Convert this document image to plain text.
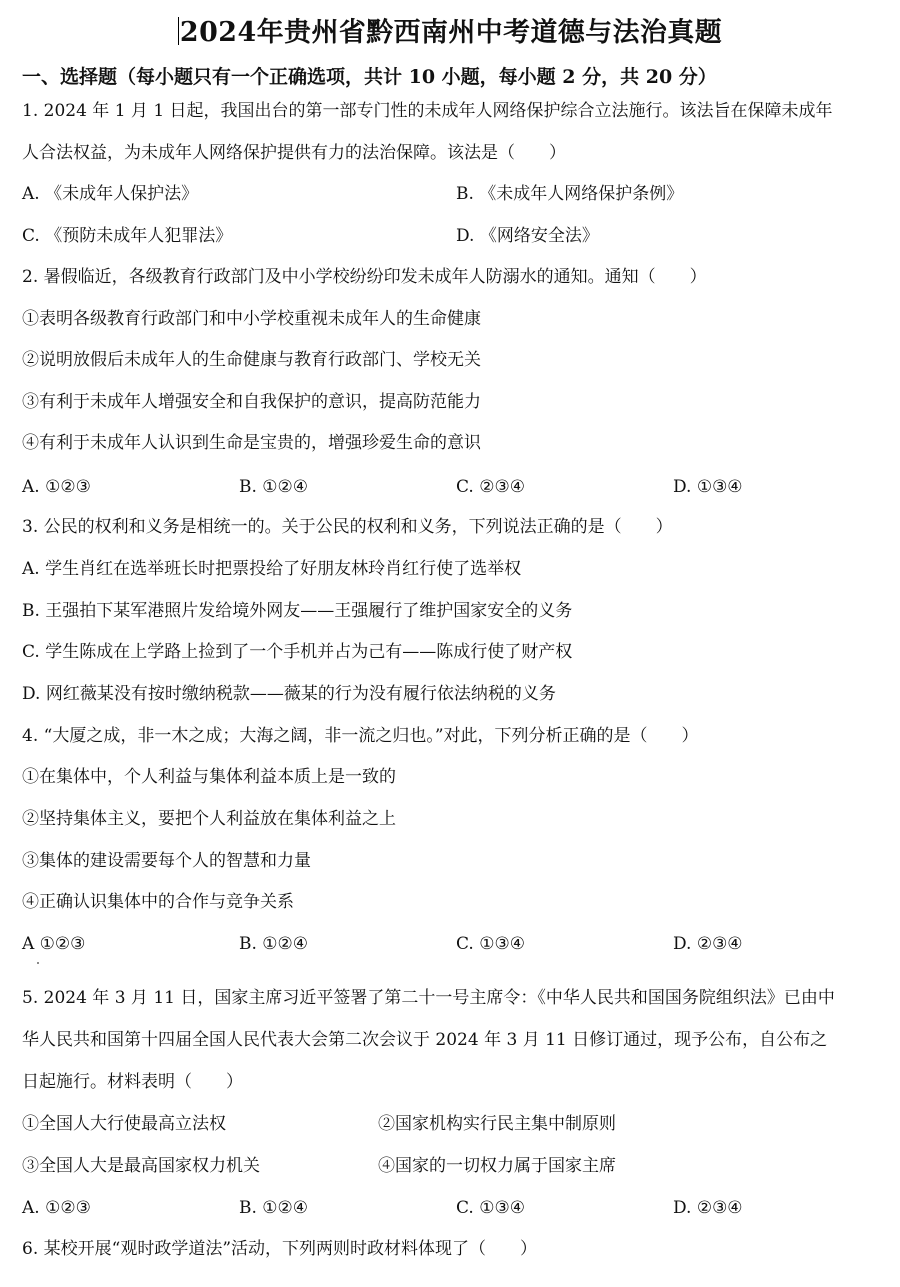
2024年贵州省黔西南州中考道德与法治真题
一、选择题（每小题只有一个正确选项，共计 10 小题，每小题 2 分，共 20 分）
1. 2024 年 1 月 1 日起，我国出台的第一部专门性的未成年人网络保护综合立法施行。该法旨在保障未成年
人合法权益，为未成年人网络保护提供有力的法治保障。该法是（　　）
A. 《未成年人保护法》	B. 《未成年人网络保护条例》
C. 《预防未成年人犯罪法》	D. 《网络安全法》
2. 暑假临近，各级教育行政部门及中小学校纷纷印发未成年人防溺水的通知。通知（　　）
①表明各级教育行政部门和中小学校重视未成年人的生命健康
②说明放假后未成年人的生命健康与教育行政部门、学校无关
③有利于未成年人增强安全和自我保护的意识，提高防范能力
④有利于未成年人认识到生命是宝贵的，增强珍爱生命的意识
A. ①②③	B. ①②④	C. ②③④	D. ①③④
3. 公民的权利和义务是相统一的。关于公民的权利和义务，下列说法正确的是（　　）
A. 学生肖红在选举班长时把票投给了好朋友林玲肖红行使了选举权
B. 王强拍下某军港照片发给境外网友——王强履行了维护国家安全的义务
C. 学生陈成在上学路上捡到了一个手机并占为己有——陈成行使了财产权
D. 网红薇某没有按时缴纳税款——薇某的行为没有履行依法纳税的义务
4. “大厦之成，非一木之成；大海之阔，非一流之归也。”对此，下列分析正确的是（　　）
①在集体中，个人利益与集体利益本质上是一致的
②坚持集体主义，要把个人利益放在集体利益之上
③集体的建设需要每个人的智慧和力量
④正确认识集体中的合作与竞争关系
A ①②③	B. ①②④	C. ①③④	D. ②③④
5. 2024 年 3 月 11 日，国家主席习近平签署了第二十一号主席令：《中华人民共和国国务院组织法》已由中
华人民共和国第十四届全国人民代表大会第二次会议于 2024 年 3 月 11 日修订通过，现予公布，自公布之
日起施行。材料表明（　　）
①全国人大行使最高立法权	②国家机构实行民主集中制原则
③全国人大是最高国家权力机关	④国家的一切权力属于国家主席
A. ①②③	B. ①②④	C. ①③④	D. ②③④
6. 某校开展“观时政学道法”活动，下列两则时政材料体现了（　　）
